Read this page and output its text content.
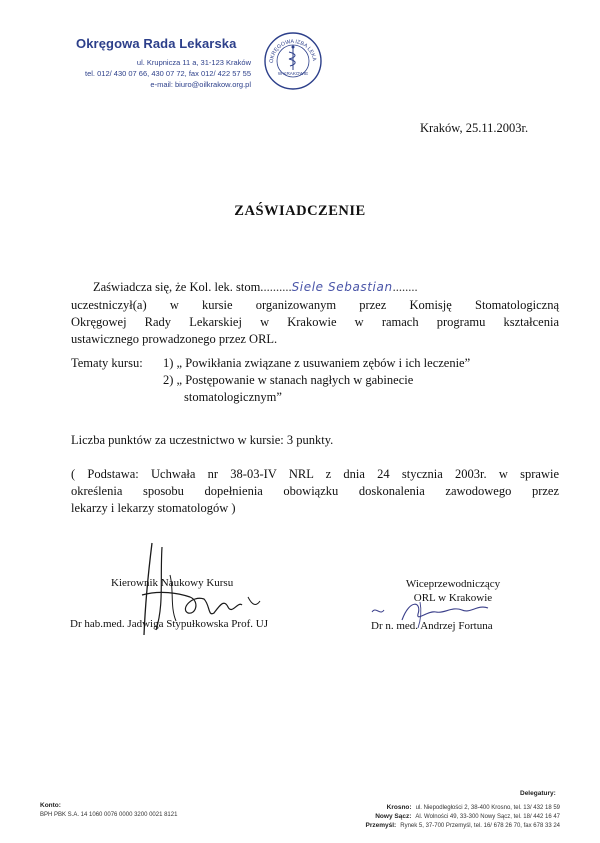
Okręgowa Rada Lekarska
ul. Krupnicza 11 a, 31-123 Kraków
tel. 012/ 430 07 66, 430 07 72, fax 012/ 422 57 55
e-mail: biuro@oilkrakow.org.pl
OKRĘGOWA IZBA LEKA
W KRAKOWIE
Kraków, 25.11.2003r.
ZAŚWIADCZENIE
Zaświadcza się, że Kol. lek. stom..........Siele Sebastian........
uczestniczył(a) w kursie organizowanym przez Komisję Stomatologiczną
Okręgowej Rady Lekarskiej w Krakowie w ramach programu kształcenia
ustawicznego prowadzonego przez ORL.
Tematy kursu: 1) „ Powikłania związane z usuwaniem zębów i ich leczenie”
2) „ Postępowanie w stanach nagłych w gabinecie
stomatologicznym”
Liczba punktów za uczestnictwo w kursie: 3 punkty.
( Podstawa: Uchwała nr 38-03-IV NRL z dnia 24 stycznia 2003r. w sprawie
określenia sposobu dopełnienia obowiązku doskonalenia zawodowego przez
lekarzy i lekarzy stomatologów )
Kierownik Naukowy Kursu
Dr hab.med. Jadwiga Stypułkowska Prof. UJ
Wiceprzewodniczący
ORL w Krakowie
Dr n. med. Andrzej Fortuna
Konto:
BPH PBK S.A. 14 1060 0076 0000 3200 0021 8121
Delegatury:
Krosno: ul. Niepodległości 2, 38-400 Krosno, tel. 13/ 432 18 59
Nowy Sącz: Al. Wolności 49, 33-300 Nowy Sącz, tel. 18/ 442 16 47
Przemyśl: Rynek 5, 37-700 Przemyśl, tel. 16/ 678 26 70, fax 678 33 24
